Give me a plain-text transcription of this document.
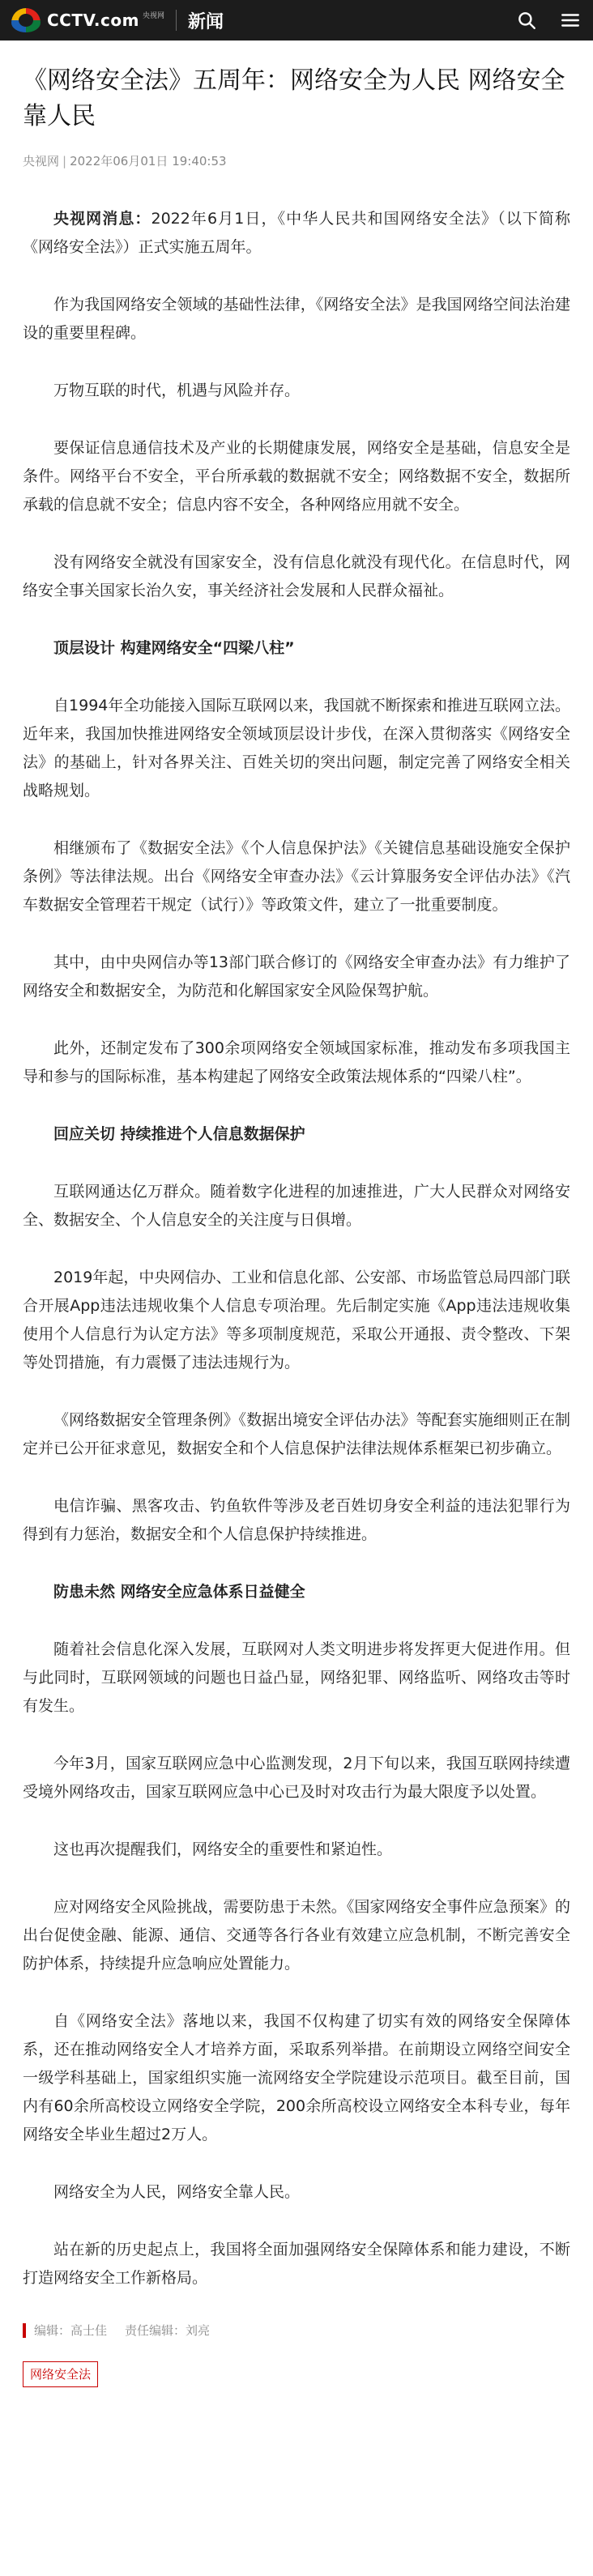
CCTV.com 央视网 新闻
《网络安全法》五周年：网络安全为人民 网络安全靠人民
央视网 | 2022年06月01日 19:40:53

央视网消息：2022年6月1日，《中华人民共和国网络安全法》（以下简称《网络安全法》）正式实施五周年。

作为我国网络安全领域的基础性法律，《网络安全法》是我国网络空间法治建设的重要里程碑。

万物互联的时代，机遇与风险并存。

要保证信息通信技术及产业的长期健康发展，网络安全是基础，信息安全是条件。网络平台不安全，平台所承载的数据就不安全；网络数据不安全，数据所承载的信息就不安全；信息内容不安全，各种网络应用就不安全。

没有网络安全就没有国家安全，没有信息化就没有现代化。在信息时代，网络安全事关国家长治久安，事关经济社会发展和人民群众福祉。

顶层设计 构建网络安全“四梁八柱”

自1994年全功能接入国际互联网以来，我国就不断探索和推进互联网立法。近年来，我国加快推进网络安全领域顶层设计步伐，在深入贯彻落实《网络安全法》的基础上，针对各界关注、百姓关切的突出问题，制定完善了网络安全相关战略规划。

相继颁布了《数据安全法》《个人信息保护法》《关键信息基础设施安全保护条例》等法律法规。出台《网络安全审查办法》《云计算服务安全评估办法》《汽车数据安全管理若干规定（试行）》等政策文件，建立了一批重要制度。

其中，由中央网信办等13部门联合修订的《网络安全审查办法》有力维护了网络安全和数据安全，为防范和化解国家安全风险保驾护航。

此外，还制定发布了300余项网络安全领域国家标准，推动发布多项我国主导和参与的国际标准，基本构建起了网络安全政策法规体系的“四梁八柱”。

回应关切 持续推进个人信息数据保护

互联网通达亿万群众。随着数字化进程的加速推进，广大人民群众对网络安全、数据安全、个人信息安全的关注度与日俱增。

2019年起，中央网信办、工业和信息化部、公安部、市场监管总局四部门联合开展App违法违规收集个人信息专项治理。先后制定实施《App违法违规收集使用个人信息行为认定方法》等多项制度规范，采取公开通报、责令整改、下架等处罚措施，有力震慑了违法违规行为。

《网络数据安全管理条例》《数据出境安全评估办法》等配套实施细则正在制定并已公开征求意见，数据安全和个人信息保护法律法规体系框架已初步确立。

电信诈骗、黑客攻击、钓鱼软件等涉及老百姓切身安全利益的违法犯罪行为得到有力惩治，数据安全和个人信息保护持续推进。

防患未然 网络安全应急体系日益健全

随着社会信息化深入发展，互联网对人类文明进步将发挥更大促进作用。但与此同时，互联网领域的问题也日益凸显，网络犯罪、网络监听、网络攻击等时有发生。

今年3月，国家互联网应急中心监测发现，2月下旬以来，我国互联网持续遭受境外网络攻击，国家互联网应急中心已及时对攻击行为最大限度予以处置。

这也再次提醒我们，网络安全的重要性和紧迫性。

应对网络安全风险挑战，需要防患于未然。《国家网络安全事件应急预案》的出台促使金融、能源、通信、交通等各行各业有效建立应急机制，不断完善安全防护体系，持续提升应急响应处置能力。

自《网络安全法》落地以来，我国不仅构建了切实有效的网络安全保障体系，还在推动网络安全人才培养方面，采取系列举措。在前期设立网络空间安全一级学科基础上，国家组织实施一流网络安全学院建设示范项目。截至目前，国内有60余所高校设立网络安全学院，200余所高校设立网络安全本科专业，每年网络安全毕业生超过2万人。

网络安全为人民，网络安全靠人民。

站在新的历史起点上，我国将全面加强网络安全保障体系和能力建设，不断打造网络安全工作新格局。

编辑：高士佳 责任编辑：刘亮
网络安全法
